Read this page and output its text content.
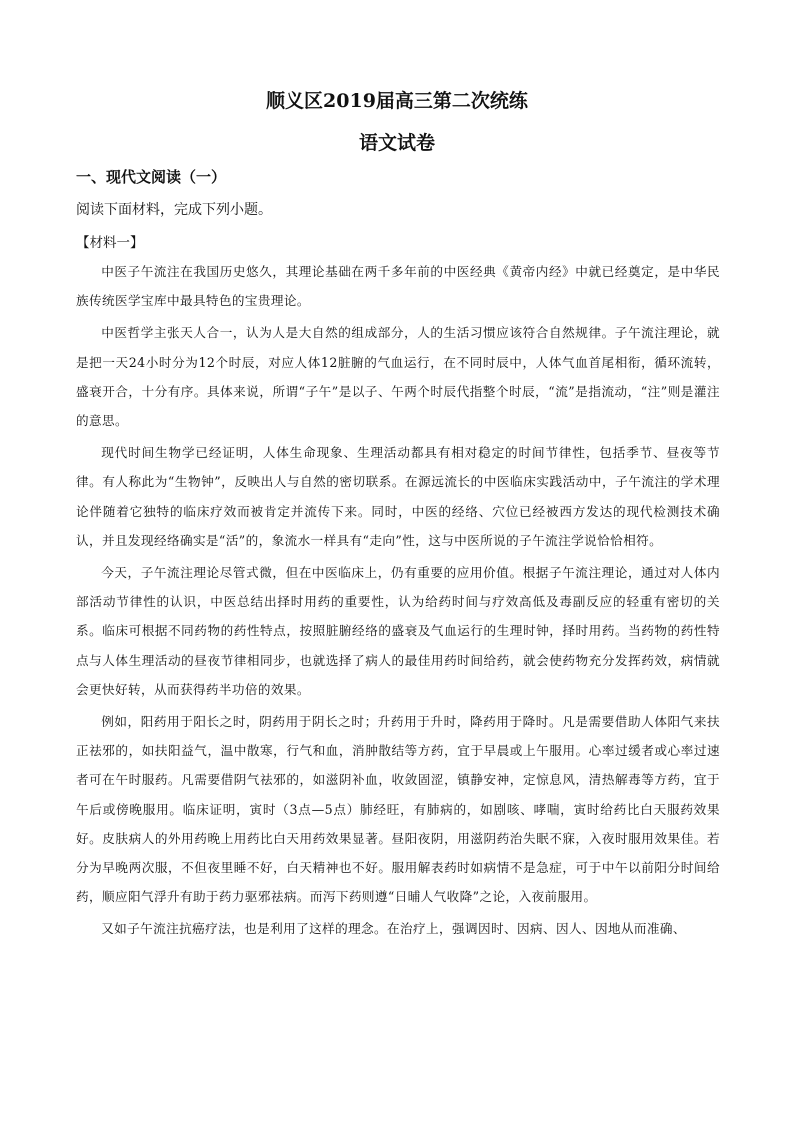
顺义区2019届高三第二次统练
语文试卷
一、现代文阅读（一）
阅读下面材料，完成下列小题。
【材料一】

中医子午流注在我国历史悠久，其理论基础在两千多年前的中医经典《黄帝内经》中就已经奠定，是中华民族传统医学宝库中最具特色的宝贵理论。

中医哲学主张天人合一，认为人是大自然的组成部分，人的生活习惯应该符合自然规律。子午流注理论，就是把一天24小时分为12个时辰，对应人体12脏腑的气血运行，在不同时辰中，人体气血首尾相衔，循环流转，盛衰开合，十分有序。具体来说，所谓“子午”是以子、午两个时辰代指整个时辰，“流”是指流动，“注”则是灌注的意思。

现代时间生物学已经证明，人体生命现象、生理活动都具有相对稳定的时间节律性，包括季节、昼夜等节律。有人称此为“生物钟”，反映出人与自然的密切联系。在源远流长的中医临床实践活动中，子午流注的学术理论伴随着它独特的临床疗效而被肯定并流传下来。同时，中医的经络、穴位已经被西方发达的现代检测技术确认，并且发现经络确实是“活”的，象流水一样具有“走向”性，这与中医所说的子午流注学说恰恰相符。

今天，子午流注理论尽管式微，但在中医临床上，仍有重要的应用价值。根据子午流注理论，通过对人体内部活动节律性的认识，中医总结出择时用药的重要性，认为给药时间与疗效高低及毒副反应的轻重有密切的关系。临床可根据不同药物的药性特点，按照脏腑经络的盛衰及气血运行的生理时钟，择时用药。当药物的药性特点与人体生理活动的昼夜节律相同步，也就选择了病人的最佳用药时间给药，就会使药物充分发挥药效，病情就会更快好转，从而获得药半功倍的效果。

例如，阳药用于阳长之时，阴药用于阴长之时；升药用于升时，降药用于降时。凡是需要借助人体阳气来扶正祛邪的，如扶阳益气，温中散寒，行气和血，消肿散结等方药，宜于早晨或上午服用。心率过缓者或心率过速者可在午时服药。凡需要借阴气祛邪的，如滋阴补血，收敛固涩，镇静安神，定惊息风，清热解毒等方药，宜于午后或傍晚服用。临床证明，寅时（3点—5点）肺经旺，有肺病的，如剧咳、哮喘，寅时给药比白天服药效果好。皮肤病人的外用药晚上用药比白天用药效果显著。昼阳夜阴，用滋阴药治失眠不寐，入夜时服用效果佳。若分为早晚两次服，不但夜里睡不好，白天精神也不好。服用解表药时如病情不是急症，可于中午以前阳分时间给药，顺应阳气浮升有助于药力驱邪祛病。而泻下药则遵“日晡人气收降”之论，入夜前服用。

又如子午流注抗癌疗法，也是利用了这样的理念。在治疗上，强调因时、因病、因人、因地从而准确、
